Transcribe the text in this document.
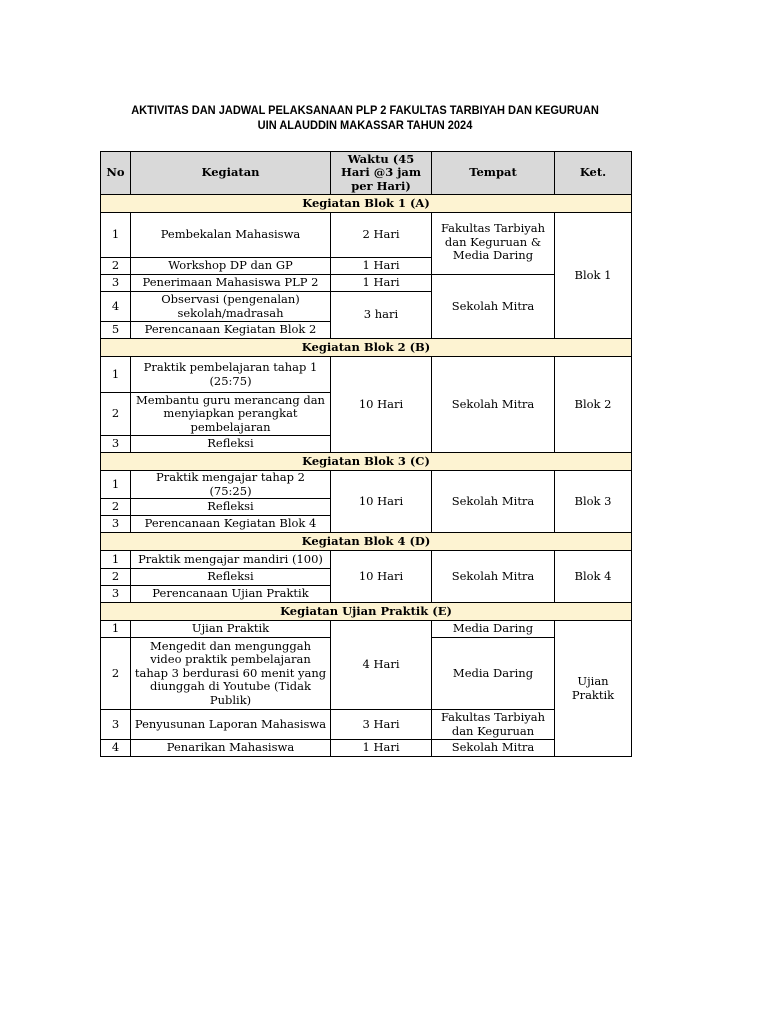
AKTIVITAS DAN JADWAL PELAKSANAAN PLP 2 FAKULTAS TARBIYAH DAN KEGURUAN
UIN ALAUDDIN MAKASSAR TAHUN 2024
No	Kegiatan	Waktu (45 Hari @3 jam per Hari)	Tempat	Ket.
Kegiatan Blok 1 (A)				
1	Pembekalan Mahasiswa	2 Hari	Fakultas Tarbiyah dan Keguruan & Media Daring	Blok 1
2	Workshop DP dan GP	1 Hari		
3	Penerimaan Mahasiswa PLP 2	1 Hari	Sekolah Mitra	
4	Observasi (pengenalan) sekolah/madrasah	3 hari		
5	Perencanaan Kegiatan Blok 2			
Kegiatan Blok 2 (B)				
1	Praktik pembelajaran tahap 1 (25:75)	10 Hari	Sekolah Mitra	Blok 2
2	Membantu guru merancang dan menyiapkan perangkat pembelajaran			
3	Refleksi			
Kegiatan Blok 3 (C)				
1	Praktik mengajar tahap 2 (75:25)	10 Hari	Sekolah Mitra	Blok 3
2	Refleksi			
3	Perencanaan Kegiatan Blok 4			
Kegiatan Blok 4 (D)				
1	Praktik mengajar mandiri (100)	10 Hari	Sekolah Mitra	Blok 4
2	Refleksi			
3	Perencanaan Ujian Praktik			
Kegiatan Ujian Praktik (E)				
1	Ujian Praktik	4 Hari	Media Daring	Ujian Praktik
2	Mengedit dan mengunggah video praktik pembelajaran tahap 3 berdurasi 60 menit yang diunggah di Youtube (Tidak Publik)		Media Daring	
3	Penyusunan Laporan Mahasiswa	3 Hari	Fakultas Tarbiyah dan Keguruan	
4	Penarikan Mahasiswa	1 Hari	Sekolah Mitra	
